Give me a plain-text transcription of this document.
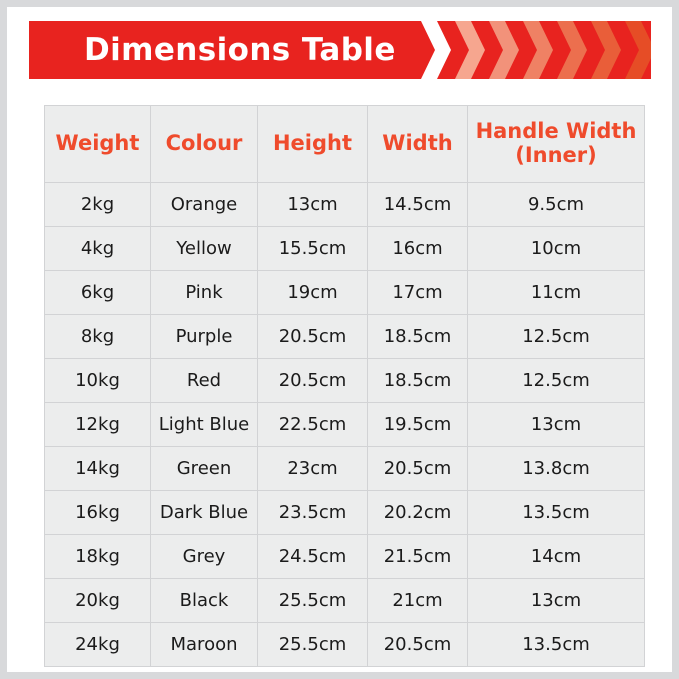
Dimensions Table
Weight	Colour	Height	Width	Handle Width
(Inner)

2kg	Orange	13cm	14.5cm	9.5cm
4kg	Yellow	15.5cm	16cm	10cm
6kg	Pink	19cm	17cm	11cm
8kg	Purple	20.5cm	18.5cm	12.5cm
10kg	Red	20.5cm	18.5cm	12.5cm
12kg	Light Blue	22.5cm	19.5cm	13cm
14kg	Green	23cm	20.5cm	13.8cm
16kg	Dark Blue	23.5cm	20.2cm	13.5cm
18kg	Grey	24.5cm	21.5cm	14cm
20kg	Black	25.5cm	21cm	13cm
24kg	Maroon	25.5cm	20.5cm	13.5cm
